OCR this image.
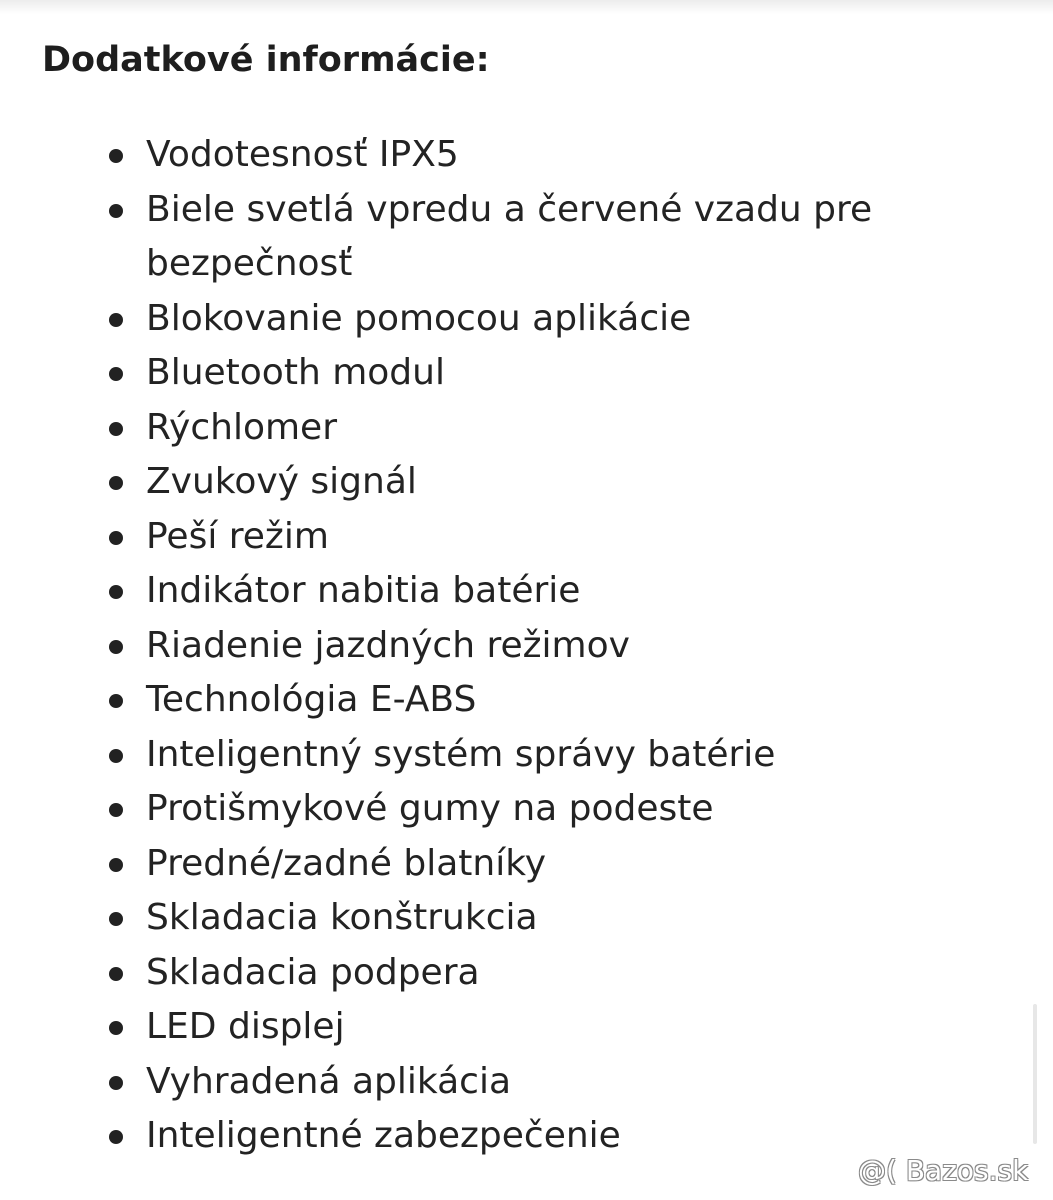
Dodatkové informácie:
Vodotesnosť IPX5
Biele svetlá vpredu a červené vzadu pre bezpečnosť
Blokovanie pomocou aplikácie
Bluetooth modul
Rýchlomer
Zvukový signál
Peší režim
Indikátor nabitia batérie
Riadenie jazdných režimov
Technológia E-ABS
Inteligentný systém správy batérie
Protišmykové gumy na podeste
Predné/zadné blatníky
Skladacia konštrukcia
Skladacia podpera
LED displej
Vyhradená aplikácia
Inteligentné zabezpečenie
@( Bazos.sk
